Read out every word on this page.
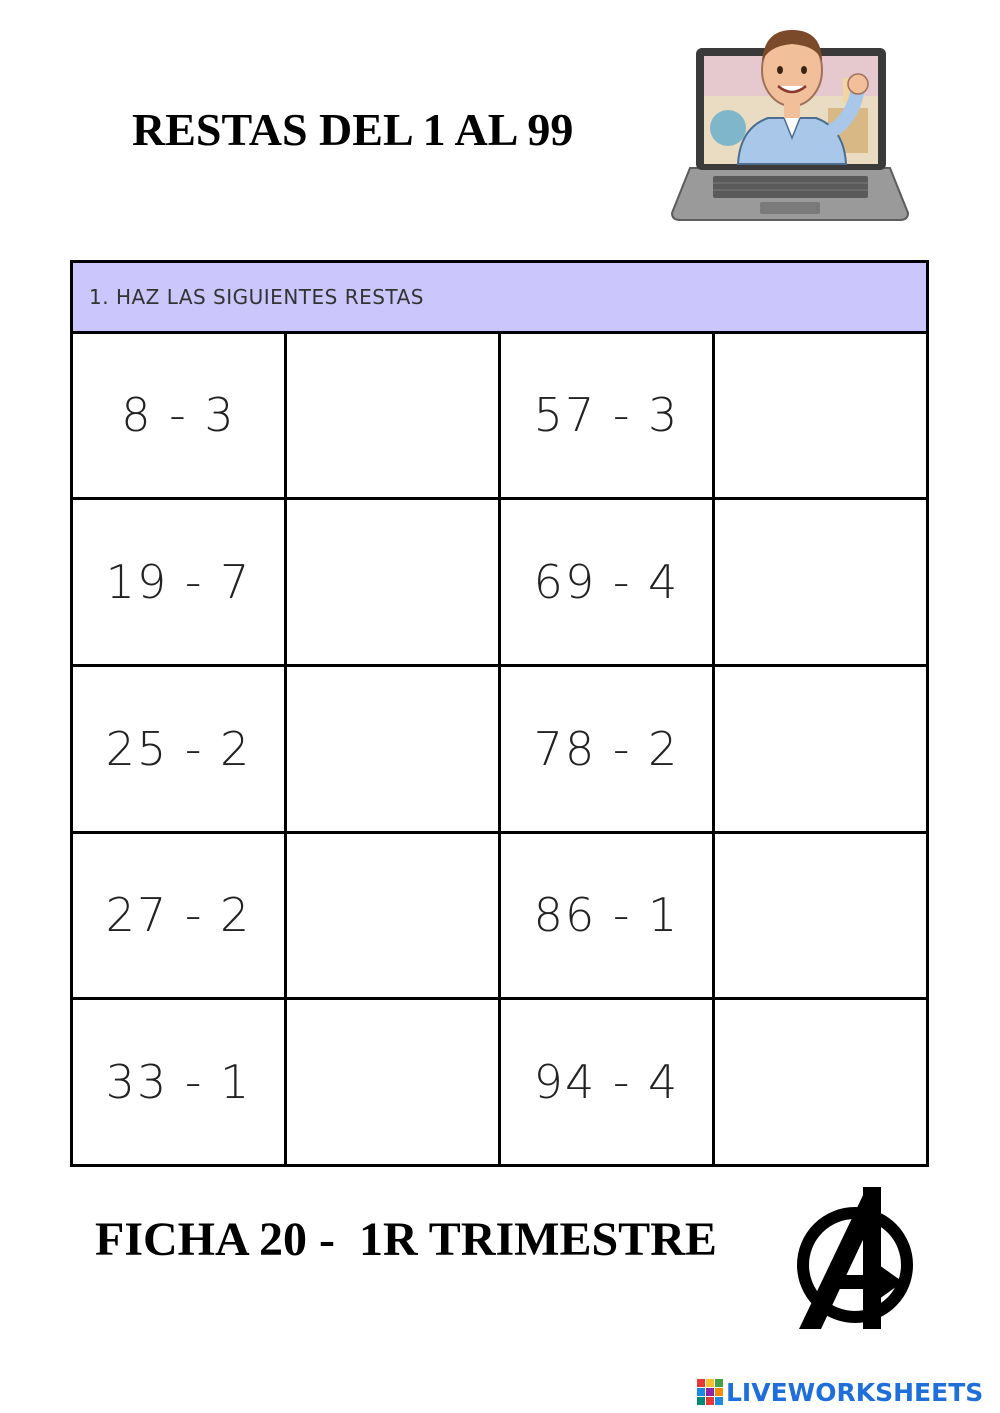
RESTAS DEL 1 AL 99
1. HAZ LAS SIGUIENTES RESTAS			
8 - 3		57 - 3	
19 - 7		69 - 4	
25 - 2		78 - 2	
27 - 2		86 - 1	
33 - 1		94 - 4	
FICHA 20 -  1R TRIMESTRE
LIVEWORKSHEETS
